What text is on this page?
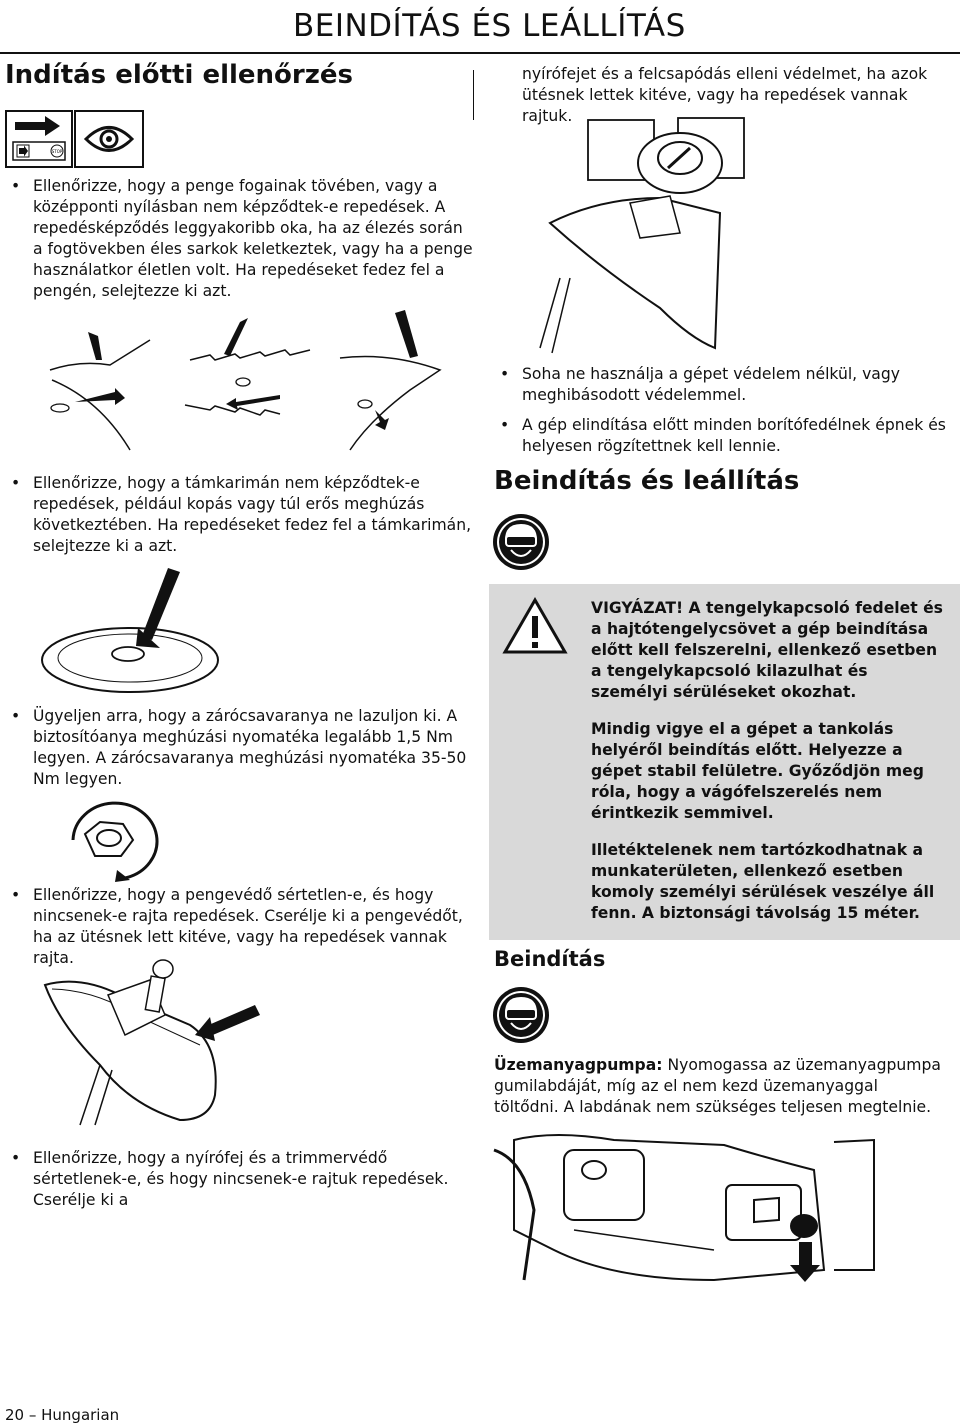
BEINDÍTÁS ÉS LEÁLLÍTÁS
Indítás előtti ellenőrzés
STOP
• Ellenőrizze, hogy a penge fogainak tövében, vagy a középponti nyílásban nem képződtek-e repedések. A repedésképződés leggyakoribb oka, ha az élezés során a fogtövekben éles sarkok keletkeztek, vagy ha a penge használatkor életlen volt. Ha repedéseket fedez fel a pengén, selejtezze ki azt.
• Ellenőrizze, hogy a támkarimán nem képződtek-e repedések, például kopás vagy túl erős meghúzás következtében. Ha repedéseket fedez fel a támkarimán, selejtezze ki a azt.
• Ügyeljen arra, hogy a zárócsavaranya ne lazuljon ki. A biztosítóanya meghúzási nyomatéka legalább 1,5 Nm legyen. A zárócsavaranya meghúzási nyomatéka 35-50 Nm legyen.
• Ellenőrizze, hogy a pengevédő sértetlen-e, és hogy nincsenek-e rajta repedések. Cserélje ki a pengevédőt, ha az ütésnek lett kitéve, vagy ha repedések vannak rajta.
• Ellenőrizze, hogy a nyírófej és a trimmervédő sértetlenek-e, és hogy nincsenek-e rajtuk repedések. Cserélje ki a
20 – Hungarian
nyírófejet és a felcsapódás elleni védelmet, ha azok ütésnek lettek kitéve, vagy ha repedések vannak rajtuk.
• Soha ne használja a gépet védelem nélkül, vagy meghibásodott védelemmel.
• A gép elindítása előtt minden borítófedélnek épnek és helyesen rögzítettnek kell lennie.
Beindítás és leállítás
VIGYÁZAT! A tengelykapcsoló fedelet és a hajtótengelycsövet a gép beindítása előtt kell felszerelni, ellenkező esetben a tengelykapcsoló kilazulhat és személyi sérüléseket okozhat.
Mindig vigye el a gépet a tankolás helyéről beindítás előtt. Helyezze a gépet stabil felületre. Győződjön meg róla, hogy a vágófelszerelés nem érintkezik semmivel.
Illetéktelenek nem tartózkodhatnak a munkaterületen, ellenkező esetben komoly személyi sérülések veszélye áll fenn. A biztonsági távolság 15 méter.
Beindítás
Üzemanyagpumpa: Nyomogassa az üzemanyagpumpa gumilabdáját, míg az el nem kezd üzemanyaggal töltődni. A labdának nem szükséges teljesen megtelnie.
